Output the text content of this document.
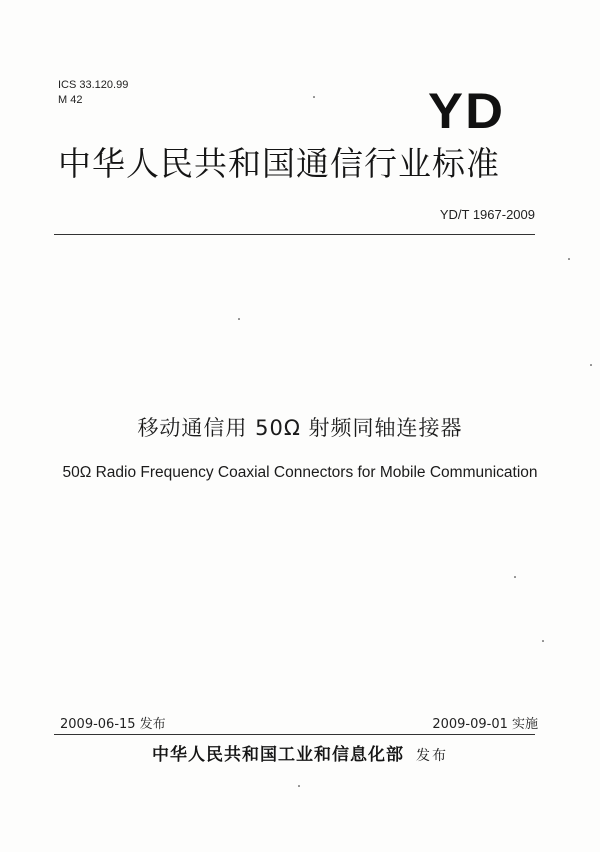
ICS 33.120.99
M 42	YD
中华人民共和国通信行业标准
YD/T 1967-2009
移动通信用 50Ω 射频同轴连接器
50Ω Radio Frequency Coaxial Connectors for Mobile Communication
2009-06-15 发布	2009-09-01 实施
中华人民共和国工业和信息化部 发布
